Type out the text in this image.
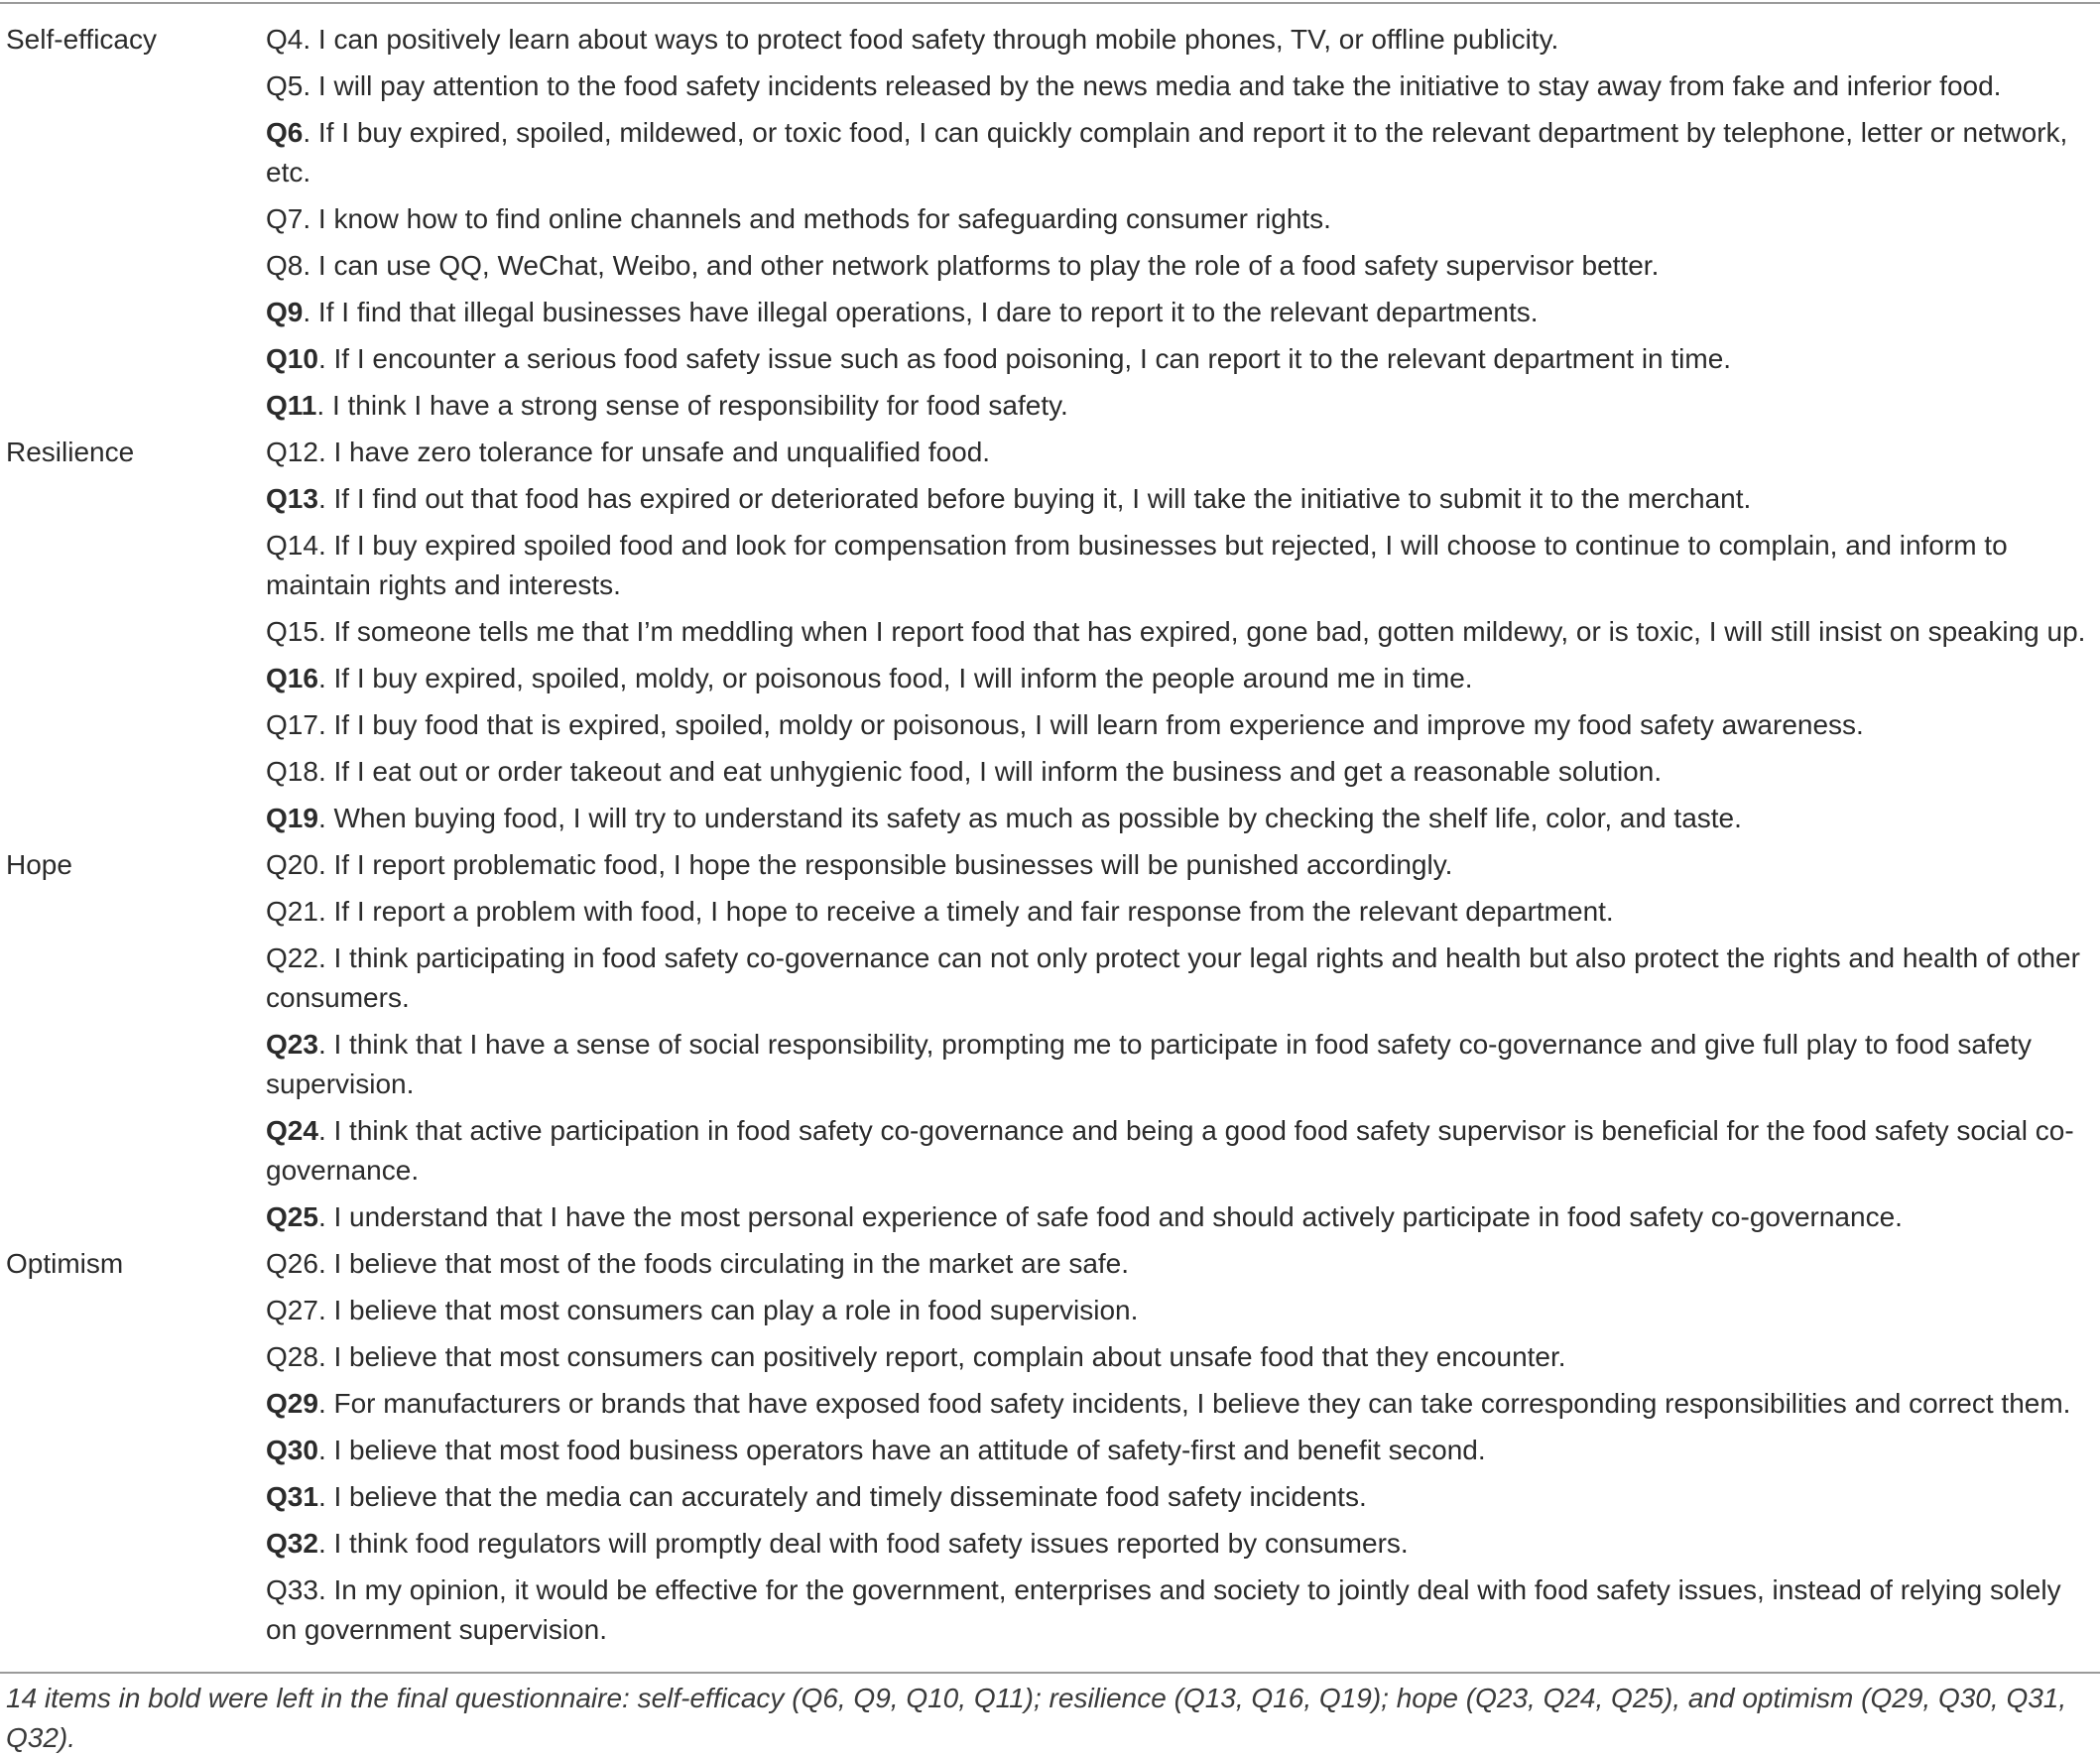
Self-efficacy	Q4. I can positively learn about ways to protect food safety through mobile phones, TV, or offline publicity.
Q5. I will pay attention to the food safety incidents released by the news media and take the initiative to stay away from fake and inferior food.
Q6. If I buy expired, spoiled, mildewed, or toxic food, I can quickly complain and report it to the relevant department by telephone, letter or network, etc.
Q7. I know how to find online channels and methods for safeguarding consumer rights.
Q8. I can use QQ, WeChat, Weibo, and other network platforms to play the role of a food safety supervisor better.
Q9. If I find that illegal businesses have illegal operations, I dare to report it to the relevant departments.
Q10. If I encounter a serious food safety issue such as food poisoning, I can report it to the relevant department in time.
Q11. I think I have a strong sense of responsibility for food safety.
Resilience	Q12. I have zero tolerance for unsafe and unqualified food.
Q13. If I find out that food has expired or deteriorated before buying it, I will take the initiative to submit it to the merchant.
Q14. If I buy expired spoiled food and look for compensation from businesses but rejected, I will choose to continue to complain, and inform to maintain rights and interests.
Q15. If someone tells me that I’m meddling when I report food that has expired, gone bad, gotten mildewy, or is toxic, I will still insist on speaking up.
Q16. If I buy expired, spoiled, moldy, or poisonous food, I will inform the people around me in time.
Q17. If I buy food that is expired, spoiled, moldy or poisonous, I will learn from experience and improve my food safety awareness.
Q18. If I eat out or order takeout and eat unhygienic food, I will inform the business and get a reasonable solution.
Q19. When buying food, I will try to understand its safety as much as possible by checking the shelf life, color, and taste.
Hope	Q20. If I report problematic food, I hope the responsible businesses will be punished accordingly.
Q21. If I report a problem with food, I hope to receive a timely and fair response from the relevant department.
Q22. I think participating in food safety co-governance can not only protect your legal rights and health but also protect the rights and health of other consumers.
Q23. I think that I have a sense of social responsibility, prompting me to participate in food safety co-governance and give full play to food safety supervision.
Q24. I think that active participation in food safety co-governance and being a good food safety supervisor is beneficial for the food safety social co-governance.
Q25. I understand that I have the most personal experience of safe food and should actively participate in food safety co-governance.
Optimism	Q26. I believe that most of the foods circulating in the market are safe.
Q27. I believe that most consumers can play a role in food supervision.
Q28. I believe that most consumers can positively report, complain about unsafe food that they encounter.
Q29. For manufacturers or brands that have exposed food safety incidents, I believe they can take corresponding responsibilities and correct them.
Q30. I believe that most food business operators have an attitude of safety-first and benefit second.
Q31. I believe that the media can accurately and timely disseminate food safety incidents.
Q32. I think food regulators will promptly deal with food safety issues reported by consumers.
Q33. In my opinion, it would be effective for the government, enterprises and society to jointly deal with food safety issues, instead of relying solely on government supervision.
14 items in bold were left in the final questionnaire: self-efficacy (Q6, Q9, Q10, Q11); resilience (Q13, Q16, Q19); hope (Q23, Q24, Q25), and optimism (Q29, Q30, Q31, Q32).
